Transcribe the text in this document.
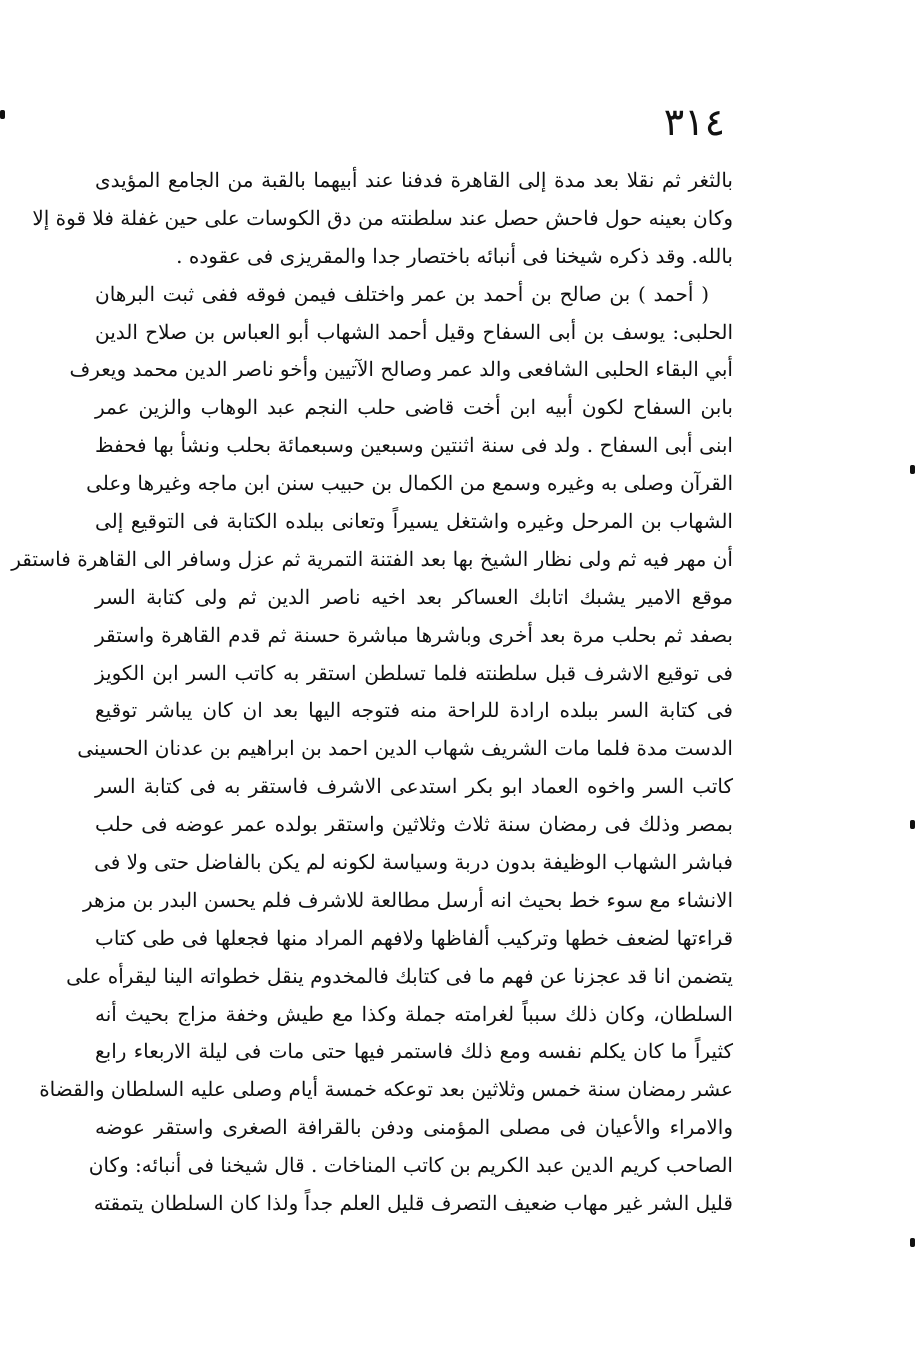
٣١٤

بالثغر ثم نقلا بعد مدة إلى القاهرة فدفنا عند أبيهما بالقبة من الجامع المؤيدى
وكان بعينه حول فاحش حصل عند سلطنته من دق الكوسات على حين غفلة فلا قوة إلا
بالله. وقد ذكره شيخنا فى أنبائه باختصار جدا والمقريزى فى عقوده .

( أحمد ) بن صالح بن أحمد بن عمر واختلف فيمن فوقه ففى ثبت البرهان
الحلبى: يوسف بن أبى السفاح وقيل أحمد الشهاب أبو العباس بن صلاح الدين
أبي البقاء الحلبى الشافعى والد عمر وصالح الآتيين وأخو ناصر الدين محمد ويعرف
بابن السفاح لكون أبيه ابن أخت قاضى حلب النجم عبد الوهاب والزين عمر
ابنى أبى السفاح . ولد فى سنة اثنتين وسبعين وسبعمائة بحلب ونشأ بها فحفظ
القرآن وصلى به وغيره وسمع من الكمال بن حبيب سنن ابن ماجه وغيرها وعلى
الشهاب بن المرحل وغيره واشتغل يسيراً وتعانى ببلده الكتابة فى التوقيع إلى
أن مهر فيه ثم ولى نظار الشيخ بها بعد الفتنة التمرية ثم عزل وسافر الى القاهرة فاستقر
موقع الامير يشبك اتابك العساكر بعد اخيه ناصر الدين ثم ولى كتابة السر
بصفد ثم بحلب مرة بعد أخرى وباشرها مباشرة حسنة ثم قدم القاهرة واستقر
فى توقيع الاشرف قبل سلطنته فلما تسلطن استقر به كاتب السر ابن الكويز
فى كتابة السر ببلده ارادة للراحة منه فتوجه اليها بعد ان كان يباشر توقيع
الدست مدة فلما مات الشريف شهاب الدين احمد بن ابراهيم بن عدنان الحسينى
كاتب السر واخوه العماد ابو بكر استدعى الاشرف فاستقر به فى كتابة السر
بمصر وذلك فى رمضان سنة ثلاث وثلاثين واستقر بولده عمر عوضه فى حلب
فباشر الشهاب الوظيفة بدون دربة وسياسة لكونه لم يكن بالفاضل حتى ولا فى
الانشاء مع سوء خط بحيث انه أرسل مطالعة للاشرف فلم يحسن البدر بن مزهر
قراءتها لضعف خطها وتركيب ألفاظها ولافهم المراد منها فجعلها فى طى كتاب
يتضمن انا قد عجزنا عن فهم ما فى كتابك فالمخدوم ينقل خطواته الينا ليقرأه على
السلطان، وكان ذلك سبباً لغرامته جملة وكذا مع طيش وخفة مزاج بحيث أنه
كثيراً ما كان يكلم نفسه ومع ذلك فاستمر فيها حتى مات فى ليلة الاربعاء رابع
عشر رمضان سنة خمس وثلاثين بعد توعكه خمسة أيام وصلى عليه السلطان والقضاة
والامراء والأعيان فى مصلى المؤمنى ودفن بالقرافة الصغرى واستقر عوضه
الصاحب كريم الدين عبد الكريم بن كاتب المناخات . قال شيخنا فى أنبائه: وكان
قليل الشر غير مهاب ضعيف التصرف قليل العلم جداً ولذا كان السلطان يتمقته
